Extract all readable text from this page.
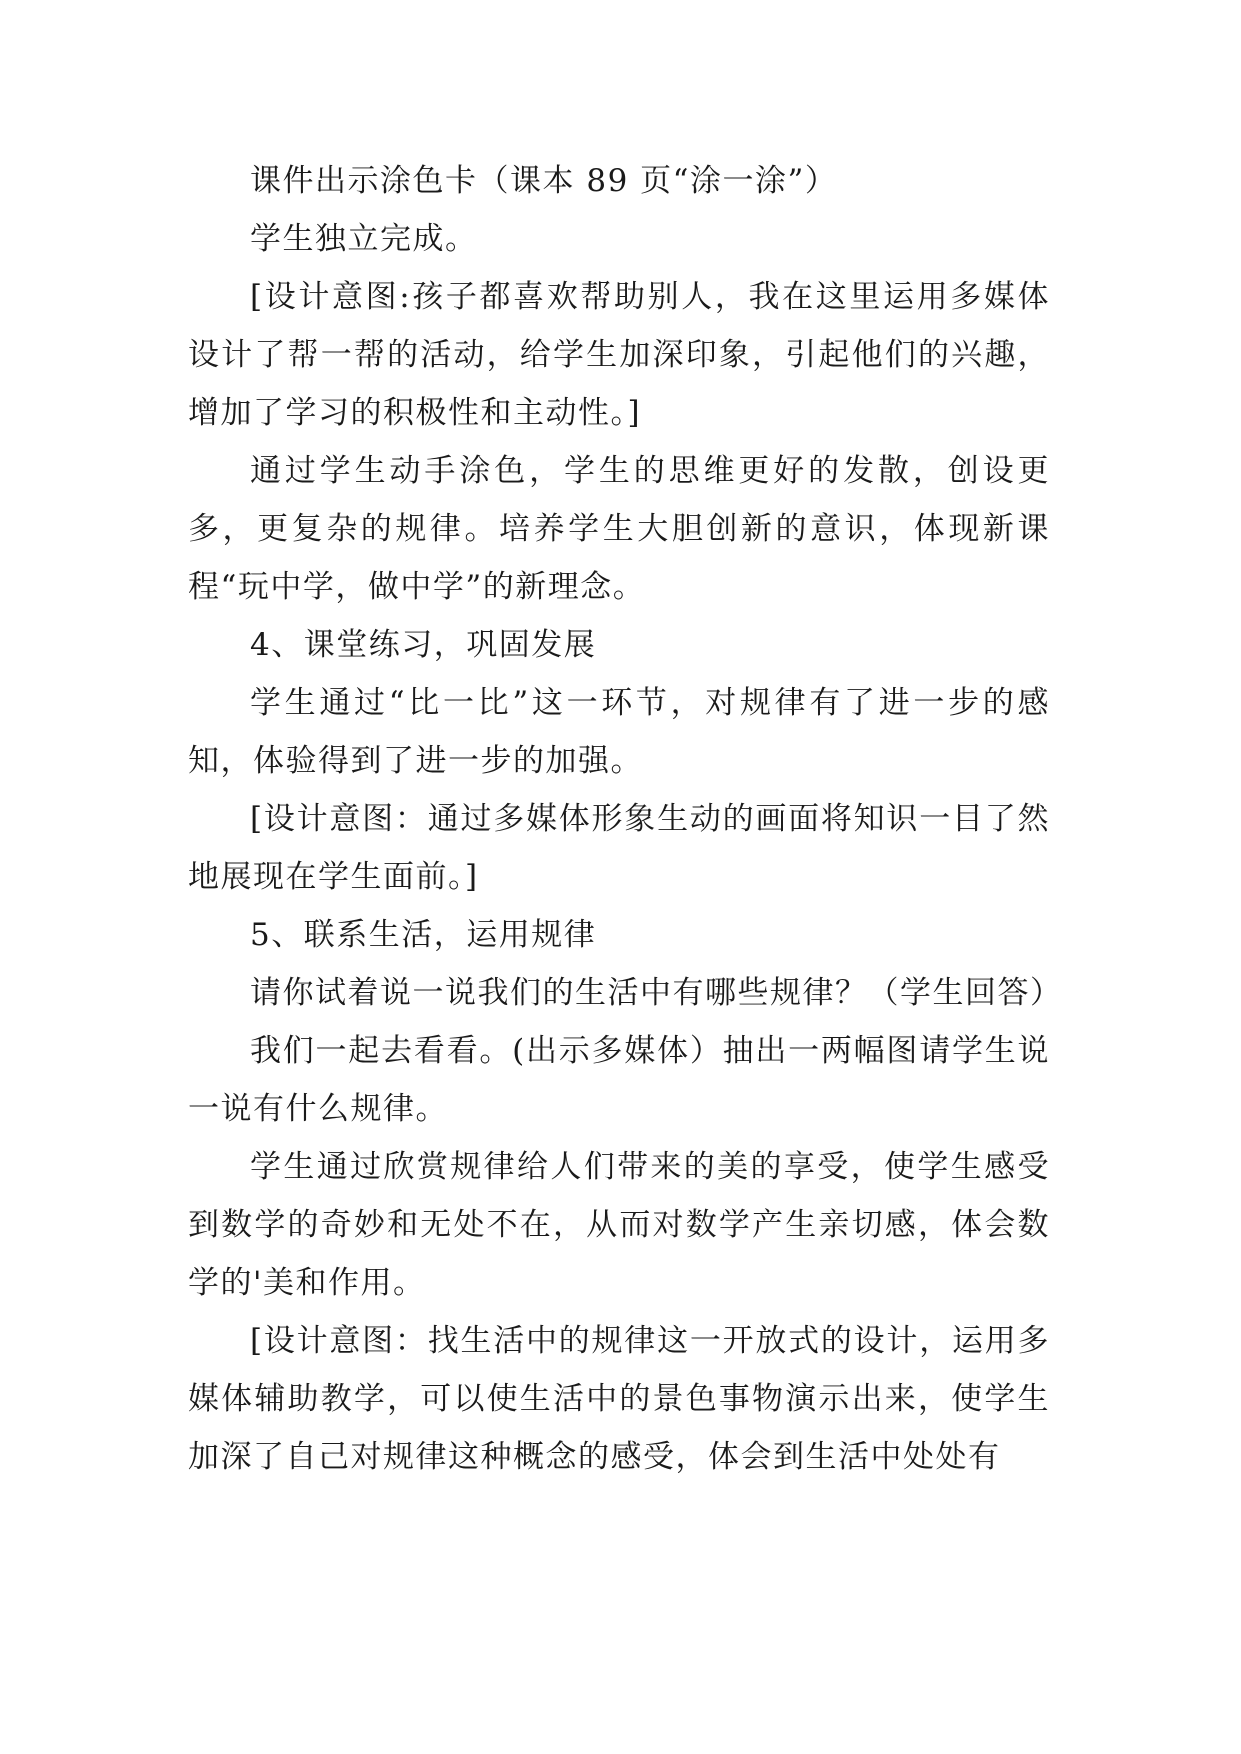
课件出示涂色卡（课本 89 页“涂一涂”）

学生独立完成。

[设计意图:孩子都喜欢帮助别人，我在这里运用多媒体设计了帮一帮的活动，给学生加深印象，引起他们的兴趣，增加了学习的积极性和主动性。]

通过学生动手涂色，学生的思维更好的发散，创设更多，更复杂的规律。培养学生大胆创新的意识，体现新课程“玩中学，做中学”的新理念。

4、课堂练习，巩固发展

学生通过“比一比”这一环节，对规律有了进一步的感知，体验得到了进一步的加强。

[设计意图：通过多媒体形象生动的画面将知识一目了然地展现在学生面前。]

5、联系生活，运用规律

请你试着说一说我们的生活中有哪些规律？（学生回答）

我们一起去看看。(出示多媒体）抽出一两幅图请学生说一说有什么规律。

学生通过欣赏规律给人们带来的美的享受，使学生感受到数学的奇妙和无处不在，从而对数学产生亲切感，体会数学的'美和作用。

[设计意图：找生活中的规律这一开放式的设计，运用多媒体辅助教学，可以使生活中的景色事物演示出来，使学生加深了自己对规律这种概念的感受，体会到生活中处处有
